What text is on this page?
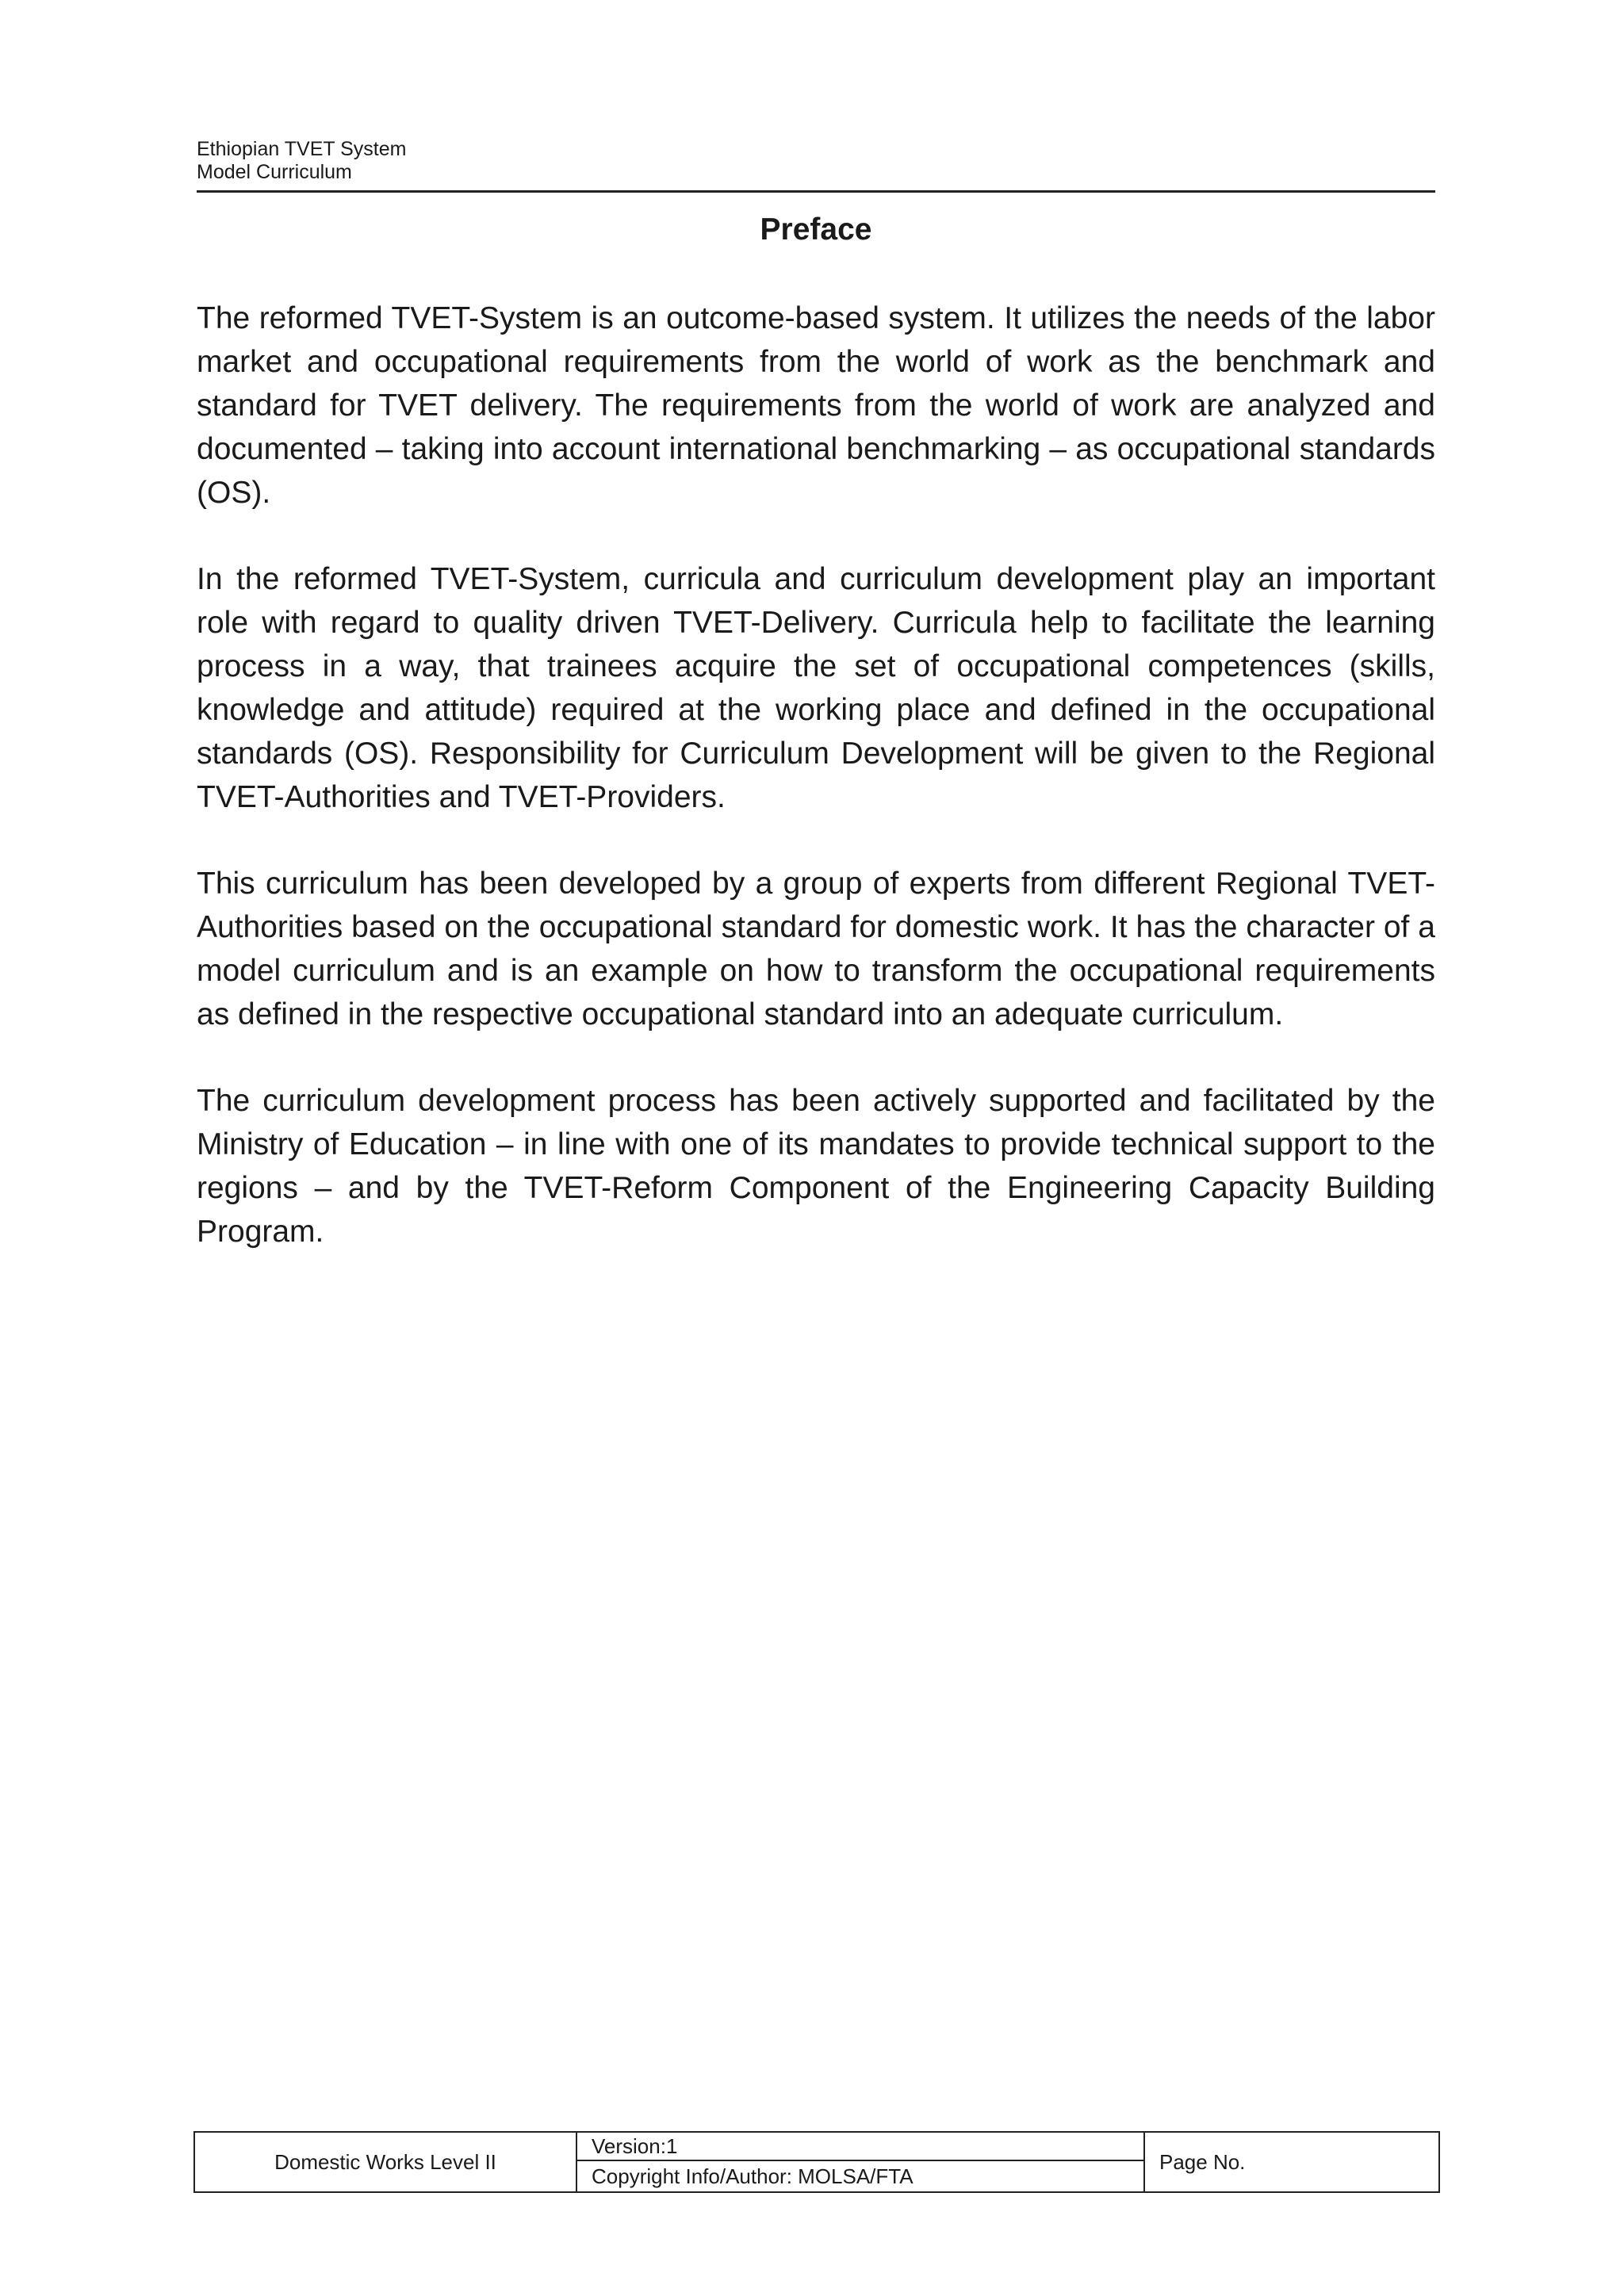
Ethiopian TVET System
Model Curriculum
Preface

The reformed TVET-System is an outcome-based system. It utilizes the needs of the labor market and occupational requirements from the world of work as the benchmark and standard for TVET delivery. The requirements from the world of work are analyzed and documented – taking into account international benchmarking – as occupational standards (OS).

In the reformed TVET-System, curricula and curriculum development play an important role with regard to quality driven TVET-Delivery. Curricula help to facilitate the learning process in a way, that trainees acquire the set of occupational competences (skills, knowledge and attitude) required at the working place and defined in the occupational standards (OS). Responsibility for Curriculum Development will be given to the Regional TVET-Authorities and TVET-Providers.

This curriculum has been developed by a group of experts from different Regional TVET-Authorities based on the occupational standard for domestic work. It has the character of a model curriculum and is an example on how to transform the occupational requirements as defined in the respective occupational standard into an adequate curriculum.

The curriculum development process has been actively supported and facilitated by the Ministry of Education – in line with one of its mandates to provide technical support to the regions – and by the TVET-Reform Component of the Engineering Capacity Building Program.

Domestic Works Level II
Version:1
Copyright Info/Author: MOLSA/FTA
Page No.
